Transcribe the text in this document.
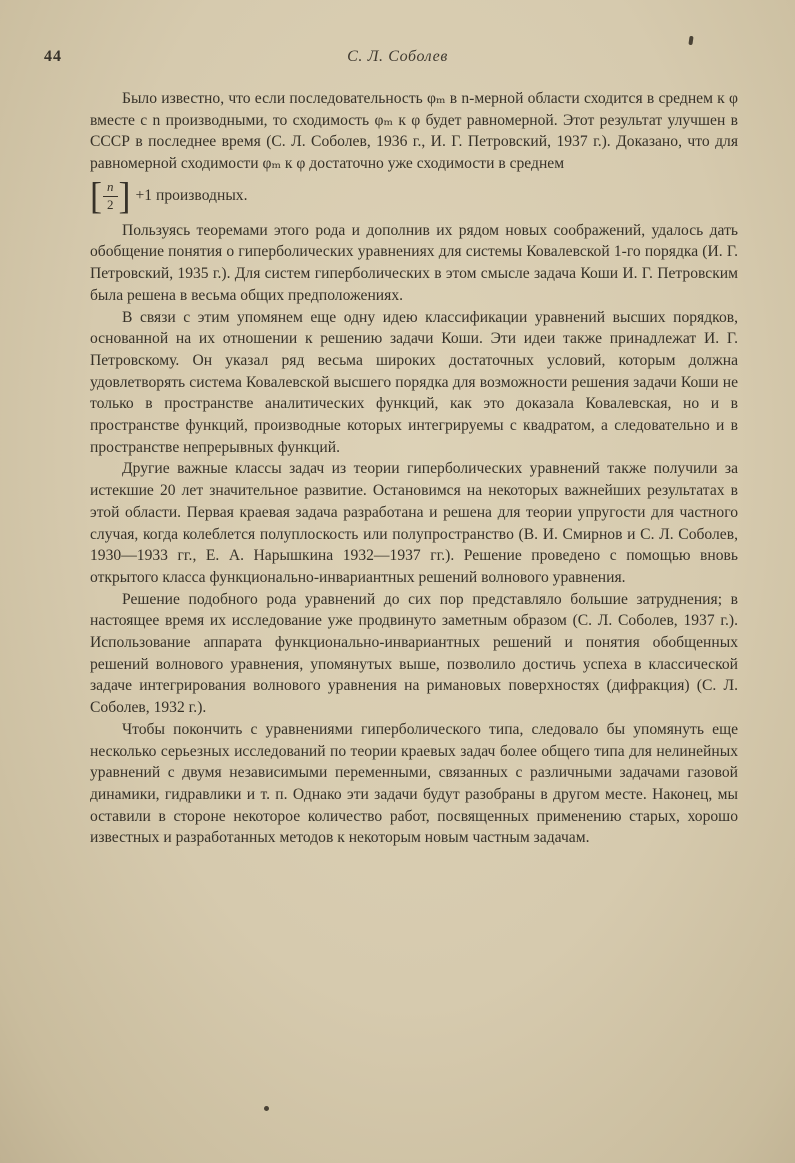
44	С. Л. Соболев

Было известно, что если последовательность φₘ в n-мерной области сходится в среднем к φ вместе с n производными, то сходимость φₘ к φ будет равномерной. Этот результат улучшен в СССР в последнее время (С. Л. Соболев, 1936 г., И. Г. Петровский, 1937 г.). Доказано, что для равномерной сходимости φₘ к φ достаточно уже сходимости в среднем

[ $\frac{n}{2}$ ] +1 производных.

Пользуясь теоремами этого рода и дополнив их рядом новых соображений, удалось дать обобщение понятия о гиперболических уравнениях для системы Ковалевской 1-го порядка (И. Г. Петровский, 1935 г.). Для систем гиперболических в этом смысле задача Коши И. Г. Петровским была решена в весьма общих предположениях.

В связи с этим упомянем еще одну идею классификации уравнений высших порядков, основанной на их отношении к решению задачи Коши. Эти идеи также принадлежат И. Г. Петровскому. Он указал ряд весьма широких достаточных условий, которым должна удовлетворять система Ковалевской высшего порядка для возможности решения задачи Коши не только в пространстве аналитических функций, как это доказала Ковалевская, но и в пространстве функций, производные которых интегрируемы с квадратом, а следовательно и в пространстве непрерывных функций.

Другие важные классы задач из теории гиперболических уравнений также получили за истекшие 20 лет значительное развитие. Остановимся на некоторых важнейших результатах в этой области. Первая краевая задача разработана и решена для теории упругости для частного случая, когда колеблется полуплоскость или полупространство (В. И. Смирнов и С. Л. Соболев, 1930—1933 гг., Е. А. Нарышкина 1932—1937 гг.). Решение проведено с помощью вновь открытого класса функционально-инвариантных решений волнового уравнения.

Решение подобного рода уравнений до сих пор представляло большие затруднения; в настоящее время их исследование уже продвинуто заметным образом (С. Л. Соболев, 1937 г.). Использование аппарата функционально-инвариантных решений и понятия обобщенных решений волнового уравнения, упомянутых выше, позволило достичь успеха в классической задаче интегрирования волнового уравнения на римановых поверхностях (дифракция) (С. Л. Соболев, 1932 г.).

Чтобы покончить с уравнениями гиперболического типа, следовало бы упомянуть еще несколько серьезных исследований по теории краевых задач более общего типа для нелинейных уравнений с двумя независимыми переменными, связанных с различными задачами газовой динамики, гидравлики и т. п. Однако эти задачи будут разобраны в другом месте. Наконец, мы оставили в стороне некоторое количество работ, посвященных применению старых, хорошо известных и разработанных методов к некоторым новым частным задачам.
